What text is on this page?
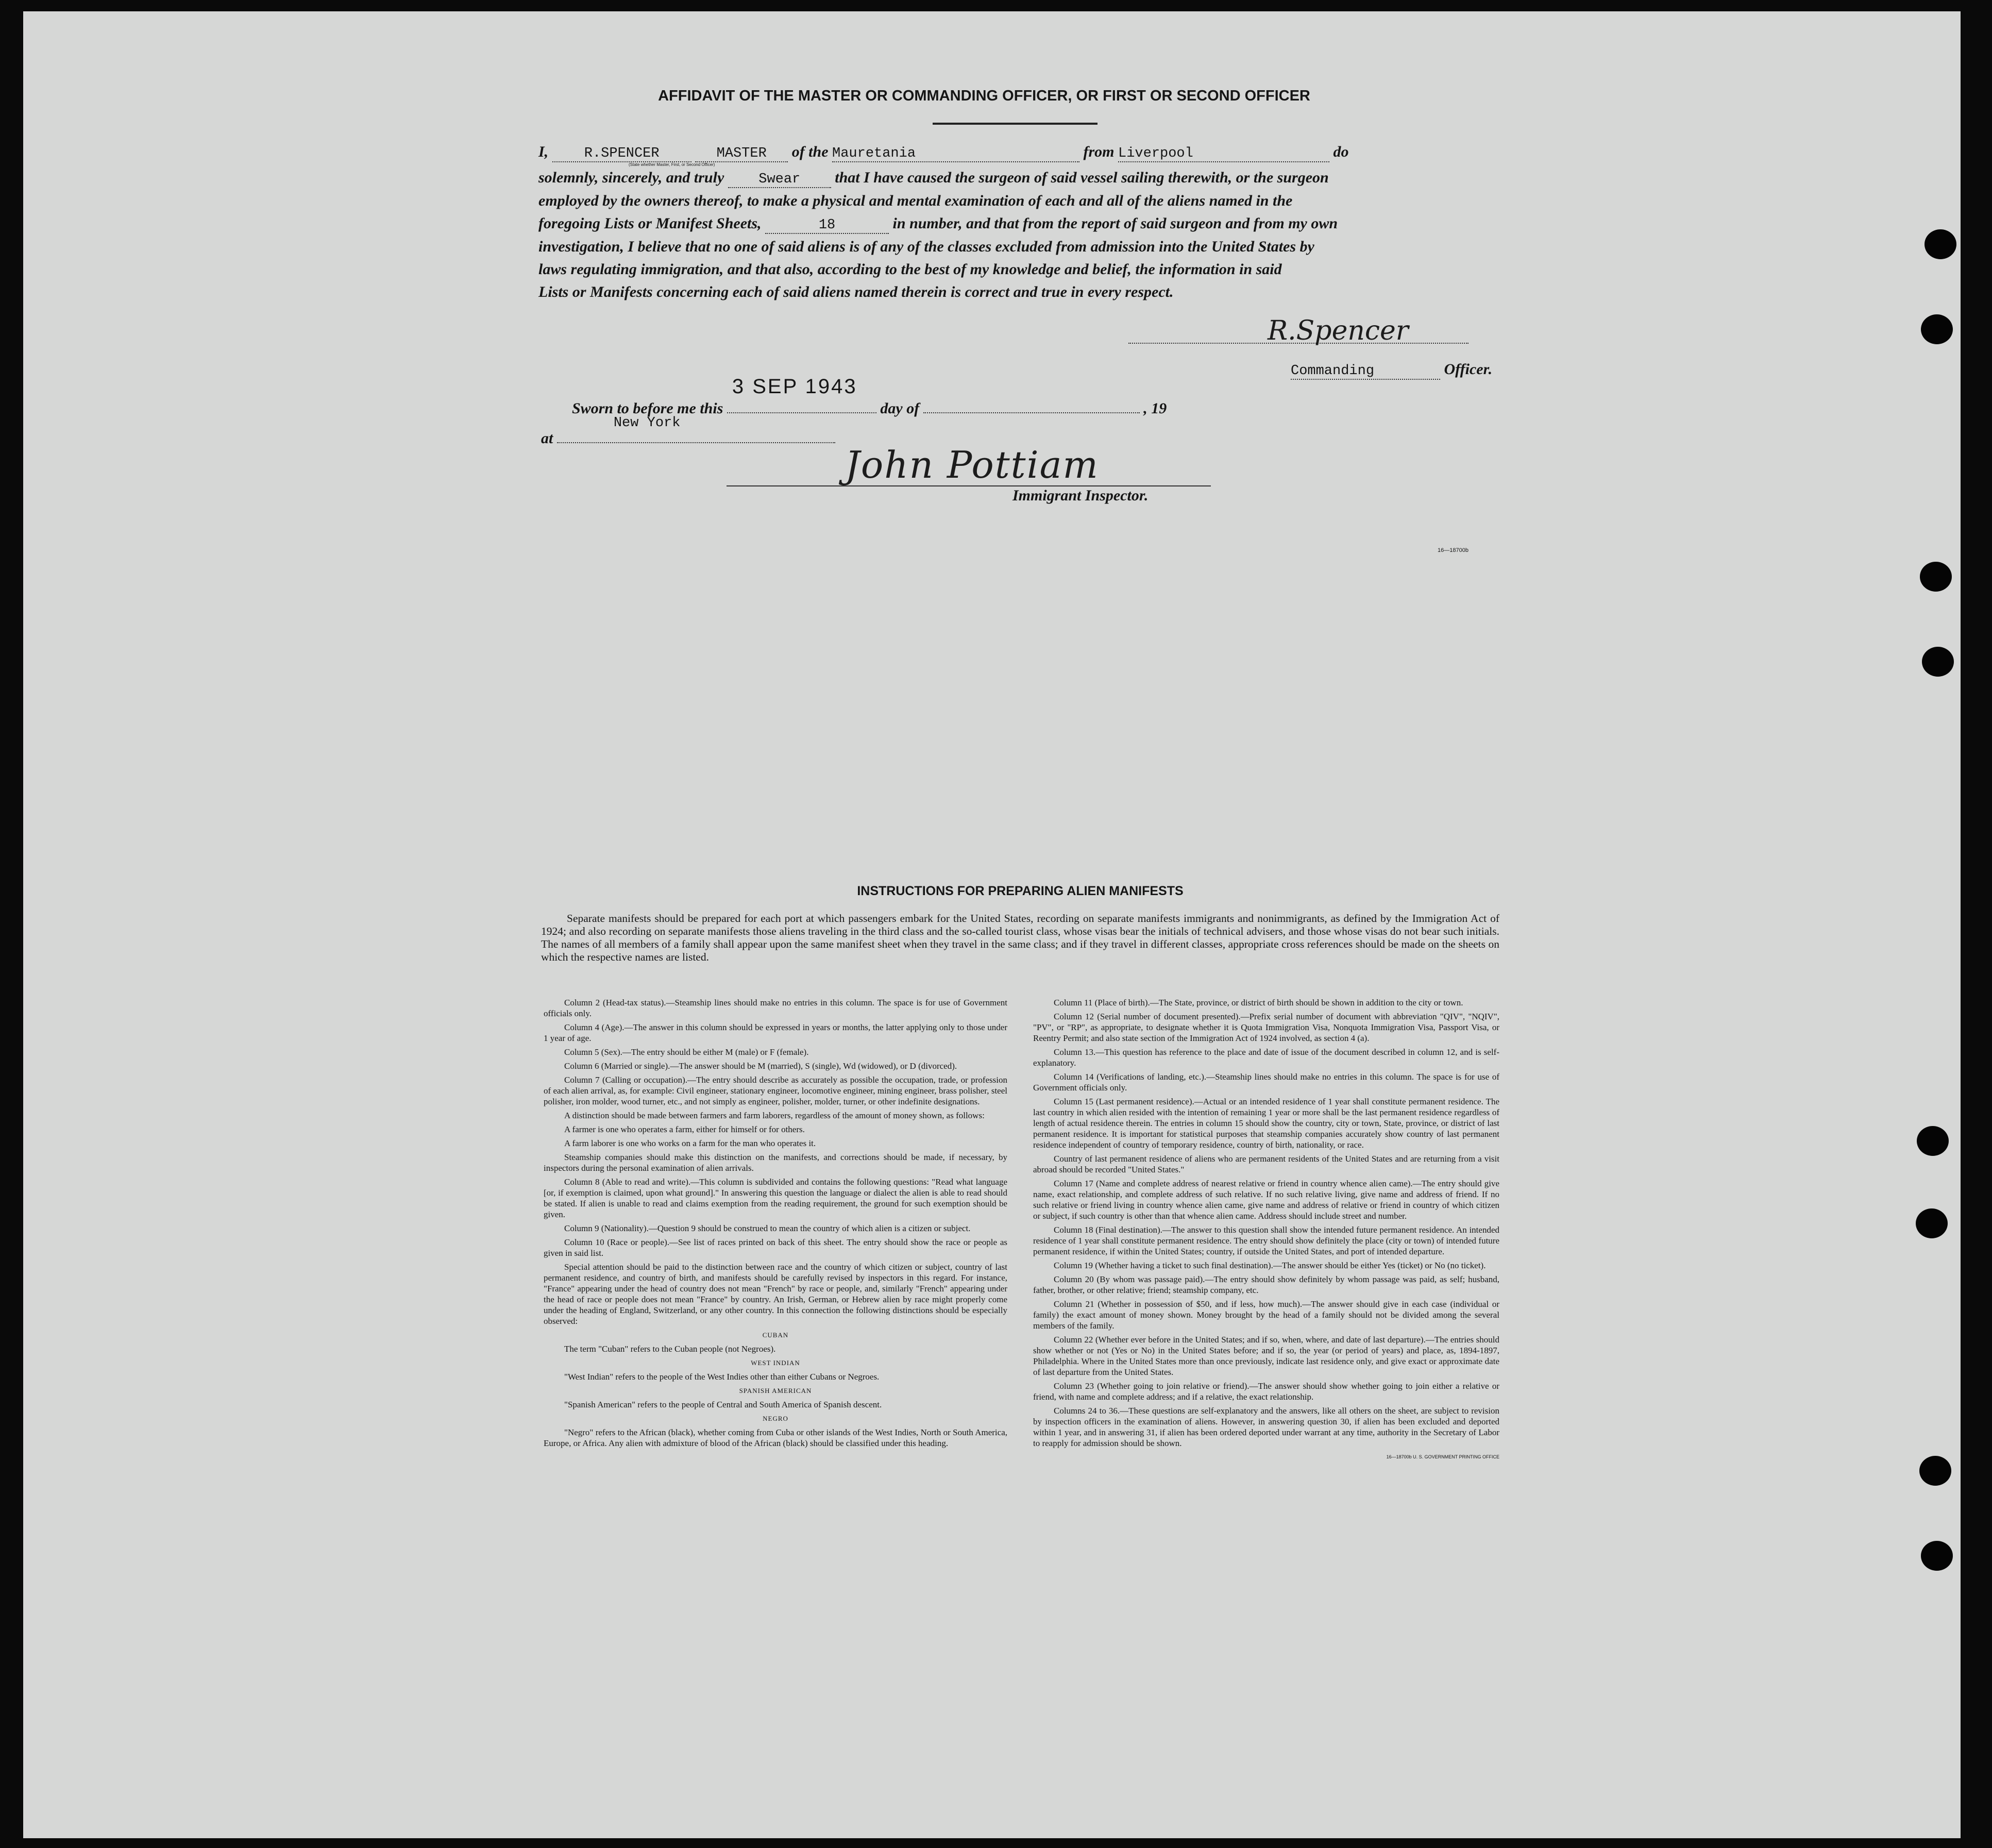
AFFIDAVIT OF THE MASTER OR COMMANDING OFFICER, OR FIRST OR SECOND OFFICER
I,	R.SPENCER	MASTER of the Mauretania	from Liverpool	do
(State whether Master, First, or Second Officer)
solemnly, sincerely, and truly Swear that I have caused the surgeon of said vessel sailing therewith, or the surgeon
employed by the owners thereof, to make a physical and mental examination of each and all of the aliens named in the
foregoing Lists or Manifest Sheets,	18	in number, and that from the report of said surgeon and from my own
investigation, I believe that no one of said aliens is of any of the classes excluded from admission into the United States by
laws regulating immigration, and that also, according to the best of my knowledge and belief, the information in said
Lists or Manifests concerning each of said aliens named therein is correct and true in every respect.
R.Spencer
Commanding	Officer.
Sworn to before me this
3 SEP 1943
day of	, 19
at
New York
John Pottiam
Immigrant Inspector.
16—18700b
INSTRUCTIONS FOR PREPARING ALIEN MANIFESTS

Separate manifests should be prepared for each port at which passengers embark for the United States, recording on separate manifests immigrants and nonimmigrants, as defined by the Immigration Act of 1924; and also recording on separate manifests those aliens traveling in the third class and the so-called tourist class, whose visas bear the initials of technical advisers, and those whose visas do not bear such initials. The names of all members of a family shall appear upon the same manifest sheet when they travel in the same class; and if they travel in different classes, appropriate cross references should be made on the sheets on which the respective names are listed.

Column 2 (Head-tax status).—Steamship lines should make no entries in this column. The space is for use of Government officials only.

Column 4 (Age).—The answer in this column should be expressed in years or months, the latter applying only to those under 1 year of age.

Column 5 (Sex).—The entry should be either M (male) or F (female).

Column 6 (Married or single).—The answer should be M (married), S (single), Wd (widowed), or D (divorced).

Column 7 (Calling or occupation).—The entry should describe as accurately as possible the occupation, trade, or profession of each alien arrival, as, for example: Civil engineer, stationary engineer, locomotive engineer, mining engineer, brass polisher, steel polisher, iron molder, wood turner, etc., and not simply as engineer, polisher, molder, turner, or other indefinite designations.

A distinction should be made between farmers and farm laborers, regardless of the amount of money shown, as follows:

A farmer is one who operates a farm, either for himself or for others.

A farm laborer is one who works on a farm for the man who operates it.

Steamship companies should make this distinction on the manifests, and corrections should be made, if necessary, by inspectors during the personal examination of alien arrivals.

Column 8 (Able to read and write).—This column is subdivided and contains the following questions: "Read what language [or, if exemption is claimed, upon what ground]." In answering this question the language or dialect the alien is able to read should be stated. If alien is unable to read and claims exemption from the reading requirement, the ground for such exemption should be given.

Column 9 (Nationality).—Question 9 should be construed to mean the country of which alien is a citizen or subject.

Column 10 (Race or people).—See list of races printed on back of this sheet. The entry should show the race or people as given in said list.

Special attention should be paid to the distinction between race and the country of which citizen or subject, country of last permanent residence, and country of birth, and manifests should be carefully revised by inspectors in this regard. For instance, "France" appearing under the head of country does not mean "French" by race or people, and, similarly "French" appearing under the head of race or people does not mean "France" by country. An Irish, German, or Hebrew alien by race might properly come under the heading of England, Switzerland, or any other country. In this connection the following distinctions should be especially observed:

CUBAN

The term "Cuban" refers to the Cuban people (not Negroes).

WEST INDIAN

"West Indian" refers to the people of the West Indies other than either Cubans or Negroes.

SPANISH AMERICAN

"Spanish American" refers to the people of Central and South America of Spanish descent.

NEGRO

"Negro" refers to the African (black), whether coming from Cuba or other islands of the West Indies, North or South America, Europe, or Africa. Any alien with admixture of blood of the African (black) should be classified under this heading.

Column 11 (Place of birth).—The State, province, or district of birth should be shown in addition to the city or town.

Column 12 (Serial number of document presented).—Prefix serial number of document with abbreviation "QIV", "NQIV", "PV", or "RP", as appropriate, to designate whether it is Quota Immigration Visa, Nonquota Immigration Visa, Passport Visa, or Reentry Permit; and also state section of the Immigration Act of 1924 involved, as section 4 (a).

Column 13.—This question has reference to the place and date of issue of the document described in column 12, and is self-explanatory.

Column 14 (Verifications of landing, etc.).—Steamship lines should make no entries in this column. The space is for use of Government officials only.

Column 15 (Last permanent residence).—Actual or an intended residence of 1 year shall constitute permanent residence. The last country in which alien resided with the intention of remaining 1 year or more shall be the last permanent residence regardless of length of actual residence therein. The entries in column 15 should show the country, city or town, State, province, or district of last permanent residence. It is important for statistical purposes that steamship companies accurately show country of last permanent residence independent of country of temporary residence, country of birth, nationality, or race.

Country of last permanent residence of aliens who are permanent residents of the United States and are returning from a visit abroad should be recorded "United States."

Column 17 (Name and complete address of nearest relative or friend in country whence alien came).—The entry should give name, exact relationship, and complete address of such relative. If no such relative living, give name and address of friend. If no such relative or friend living in country whence alien came, give name and address of relative or friend in country of which citizen or subject, if such country is other than that whence alien came. Address should include street and number.

Column 18 (Final destination).—The answer to this question shall show the intended future permanent residence. An intended residence of 1 year shall constitute permanent residence. The entry should show definitely the place (city or town) of intended future permanent residence, if within the United States; country, if outside the United States, and port of intended departure.

Column 19 (Whether having a ticket to such final destination).—The answer should be either Yes (ticket) or No (no ticket).

Column 20 (By whom was passage paid).—The entry should show definitely by whom passage was paid, as self; husband, father, brother, or other relative; friend; steamship company, etc.

Column 21 (Whether in possession of $50, and if less, how much).—The answer should give in each case (individual or family) the exact amount of money shown. Money brought by the head of a family should not be divided among the several members of the family.

Column 22 (Whether ever before in the United States; and if so, when, where, and date of last departure).—The entries should show whether or not (Yes or No) in the United States before; and if so, the year (or period of years) and place, as, 1894-1897, Philadelphia. Where in the United States more than once previously, indicate last residence only, and give exact or approximate date of last departure from the United States.

Column 23 (Whether going to join relative or friend).—The answer should show whether going to join either a relative or friend, with name and complete address; and if a relative, the exact relationship.

Columns 24 to 36.—These questions are self-explanatory and the answers, like all others on the sheet, are subject to revision by inspection officers in the examination of aliens. However, in answering question 30, if alien has been excluded and deported within 1 year, and in answering 31, if alien has been ordered deported under warrant at any time, authority in the Secretary of Labor to reapply for admission should be shown.

16—18700b U. S. GOVERNMENT PRINTING OFFICE
